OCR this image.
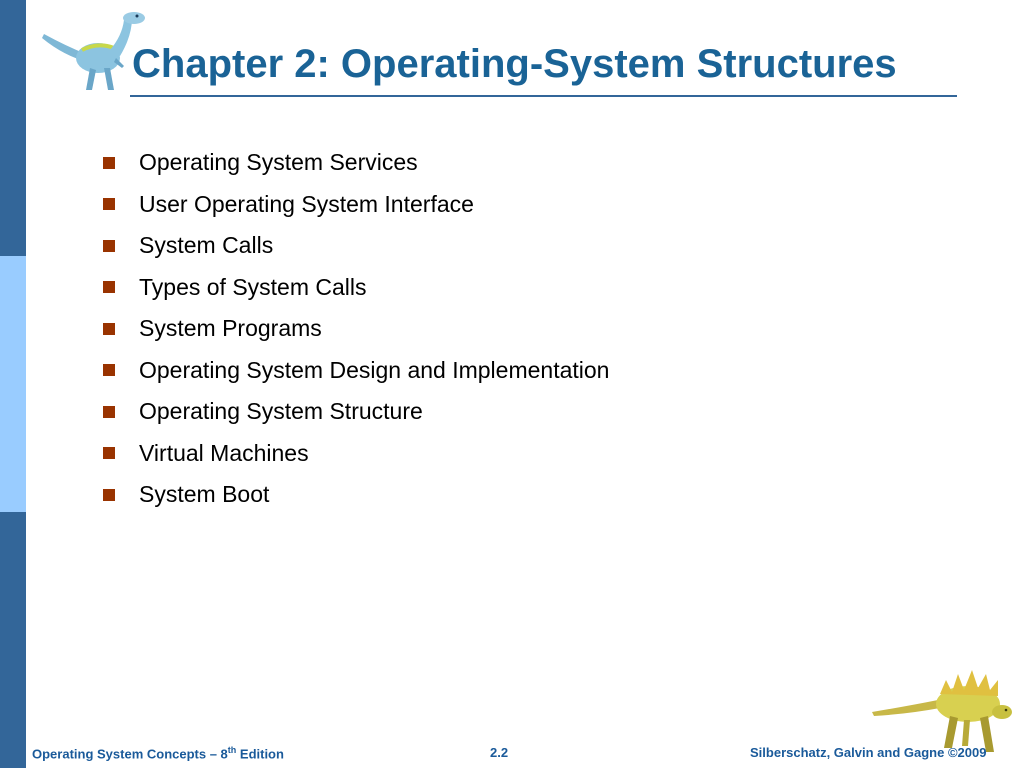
Chapter 2: Operating-System Structures
Operating System Services
User Operating System Interface
System Calls
Types of System Calls
System Programs
Operating System Design and Implementation
Operating System Structure
Virtual Machines
System Boot
Operating System Concepts – 8th Edition	2.2	Silberschatz, Galvin and Gagne ©2009
